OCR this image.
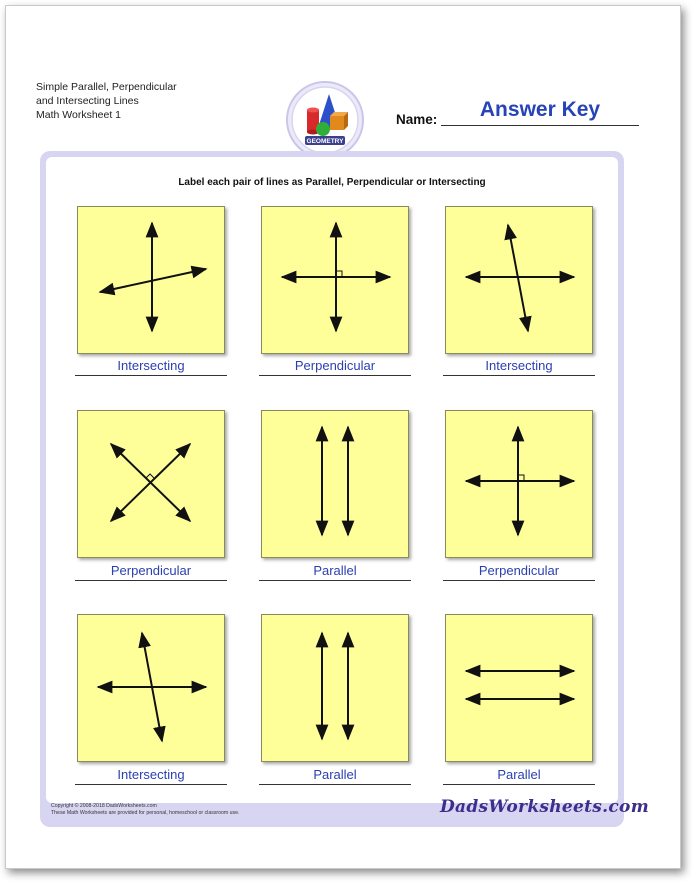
Simple Parallel, Perpendicular
and Intersecting Lines
Math Worksheet 1
GEOMETRY
Name:	Answer Key
Label each pair of lines as Parallel, Perpendicular or Intersecting
Intersecting	Perpendicular	Intersecting
Perpendicular	Parallel	Perpendicular
Intersecting	Parallel	Parallel
Copyright © 2008-2018 DadsWorksheets.com
These Math Worksheets are provided for personal, homeschool or classroom use.	DadsWorksheets.com
